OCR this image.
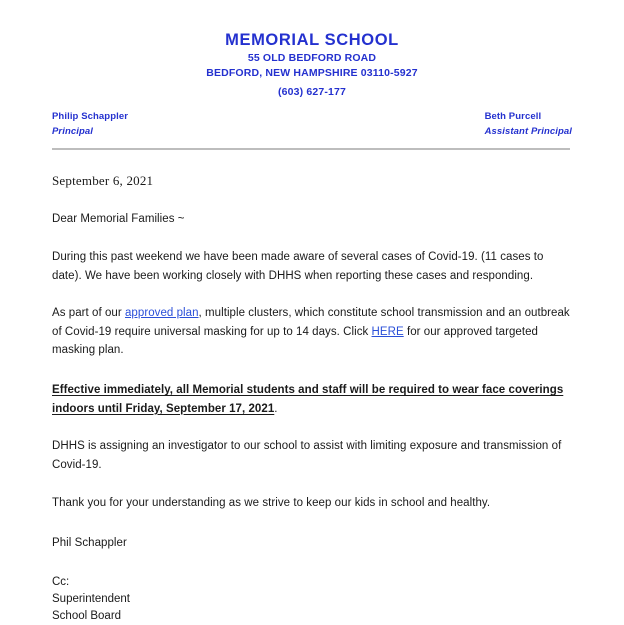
MEMORIAL SCHOOL
55 OLD BEDFORD ROAD
BEDFORD, NEW HAMPSHIRE 03110-5927
(603) 627-177
Philip Schappler
Principal
Beth Purcell
Assistant Principal
September 6, 2021
Dear Memorial Families ~
During this past weekend we have been made aware of several cases of Covid-19. (11 cases to date). We have been working closely with DHHS when reporting these cases and responding.
As part of our approved plan, multiple clusters, which constitute school transmission and an outbreak of Covid-19 require universal masking for up to 14 days. Click HERE for our approved targeted masking plan.
Effective immediately, all Memorial students and staff will be required to wear face coverings indoors until Friday, September 17, 2021.
DHHS is assigning an investigator to our school to assist with limiting exposure and transmission of Covid-19.
Thank you for your understanding as we strive to keep our kids in school and healthy.
Phil Schappler
Cc:
Superintendent
School Board
